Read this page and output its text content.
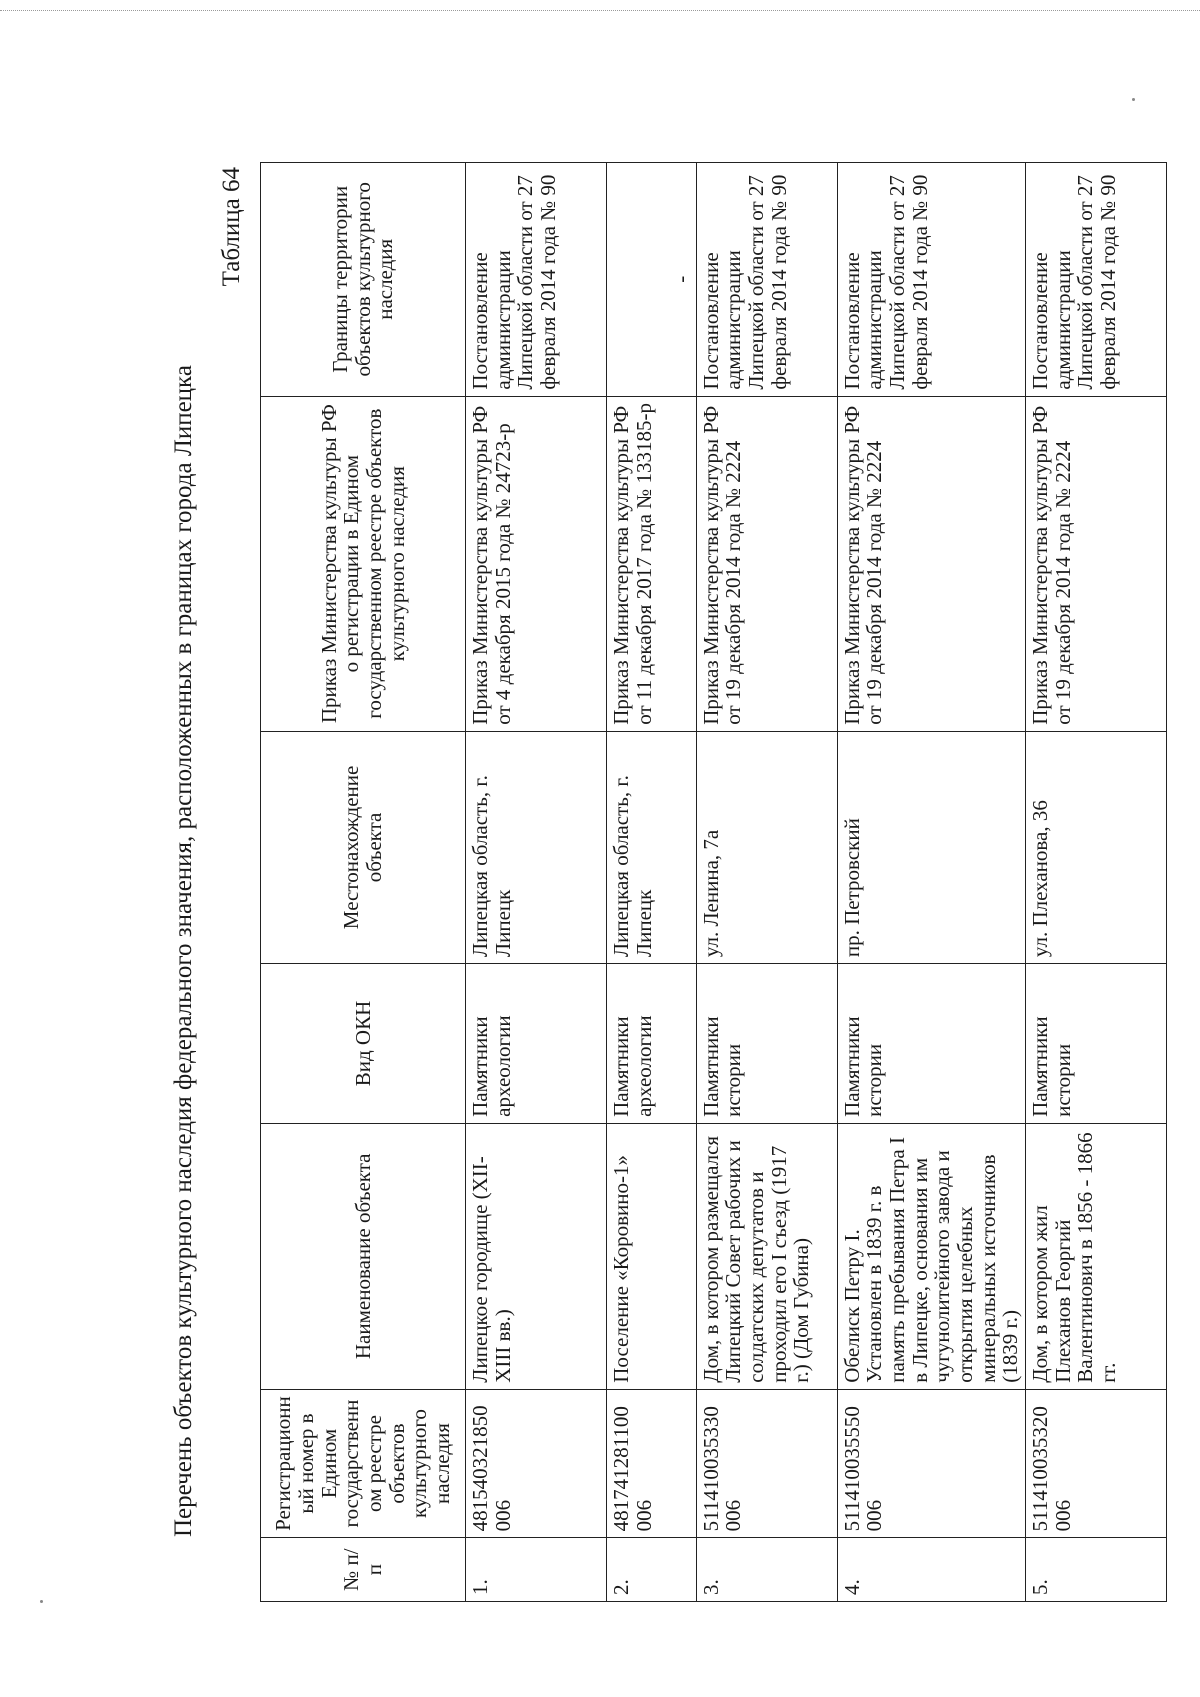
Перечень объектов культурного наследия федерального значения, расположенных в границах города Липецка
Таблица 64
№ п/п	Регистрационный номер в Едином государственном реестре объектов культурного наследия	Наименование объекта	Вид ОКН	Местонахождение объекта	Приказ Министерства культуры РФ о регистрации в Едином государственном реестре объектов культурного наследия	Границы территории объектов культурного наследия
1.	481540321850006	Липецкое городище (XII-XIII вв.)	Памятники археологии	Липецкая область, г. Липецк	Приказ Министерства культуры РФ от 4 декабря 2015 года № 24723-р	Постановление администрации Липецкой области от 27 февраля 2014 года № 90
2.	481741281100006	Поселение «Коровино-1»	Памятники археологии	Липецкая область, г. Липецк	Приказ Министерства культуры РФ от 11 декабря 2017 года № 133185-р	-

3.	511410035330006	Дом, в котором размещался Липецкий Совет рабочих и солдатских депутатов и проходил его I съезд (1917 г.) (Дом Губина)	Памятники истории	ул. Ленина, 7а	Приказ Министерства культуры РФ от 19 декабря 2014 года № 2224	Постановление администрации Липецкой области от 27 февраля 2014 года № 90
4.	511410035550006	Обелиск Петру I. Установлен в 1839 г. в память пребывания Петра I в Липецке, основания им чугунолитейного завода и открытия целебных минеральных источников (1839 г.)	Памятники истории	пр. Петровский	Приказ Министерства культуры РФ от 19 декабря 2014 года № 2224	Постановление администрации Липецкой области от 27 февраля 2014 года № 90
5.	511410035320006	Дом, в котором жил Плеханов Георгий Валентинович в 1856 - 1866 гг.	Памятники истории	ул. Плеханова, 36	Приказ Министерства культуры РФ от 19 декабря 2014 года № 2224	Постановление администрации Липецкой области от 27 февраля 2014 года № 90
